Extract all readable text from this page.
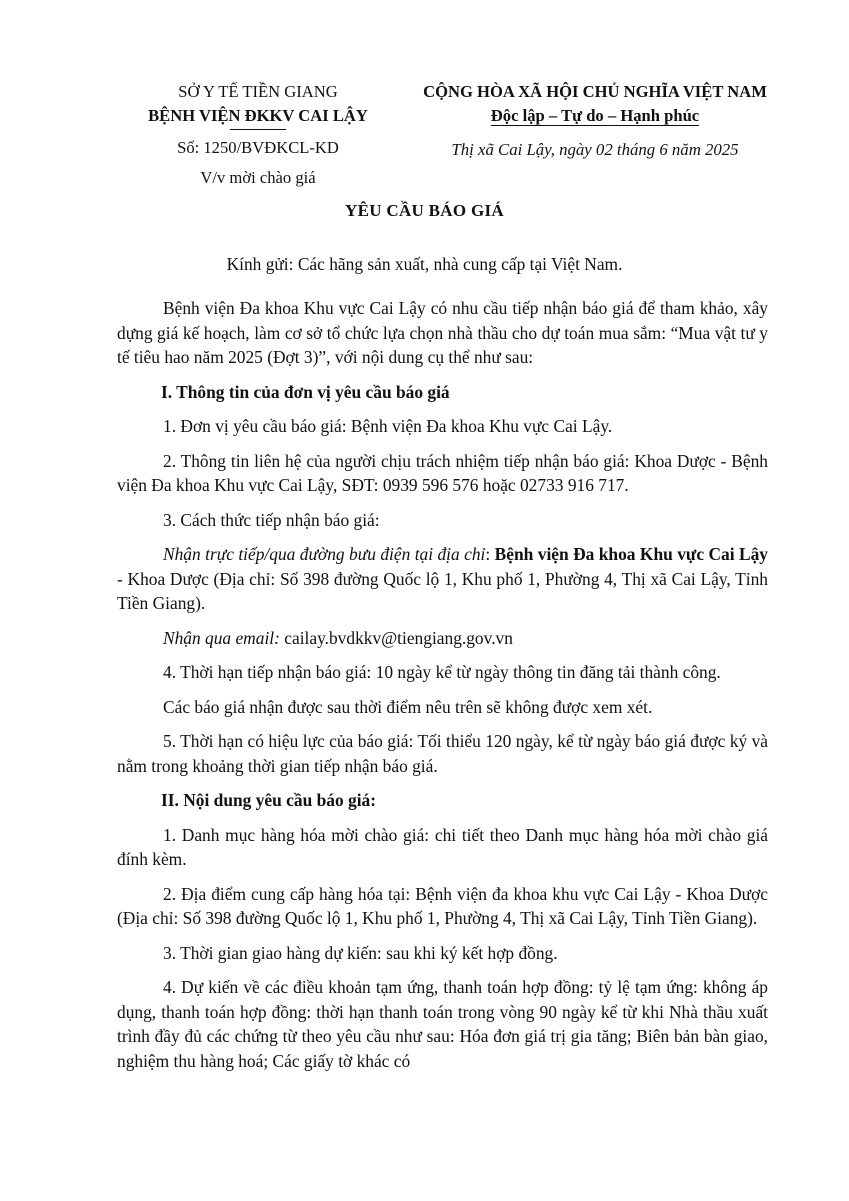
SỞ Y TẾ TIỀN GIANG
BỆNH VIỆN ĐKKV CAI LẬY
Số: 1250/BVĐKCL-KD
V/v mời chào giá
CỘNG HÒA XÃ HỘI CHỦ NGHĨA VIỆT NAM
Độc lập – Tự do – Hạnh phúc
Thị xã Cai Lậy, ngày 02 tháng 6 năm 2025
YÊU CẦU BÁO GIÁ
Kính gửi: Các hãng sản xuất, nhà cung cấp tại Việt Nam.

Bệnh viện Đa khoa Khu vực Cai Lậy có nhu cầu tiếp nhận báo giá để tham khảo, xây dựng giá kế hoạch, làm cơ sở tổ chức lựa chọn nhà thầu cho dự toán mua sắm: “Mua vật tư y tế tiêu hao năm 2025 (Đợt 3)”, với nội dung cụ thể như sau:

I. Thông tin của đơn vị yêu cầu báo giá

1. Đơn vị yêu cầu báo giá: Bệnh viện Đa khoa Khu vực Cai Lậy.

2. Thông tin liên hệ của người chịu trách nhiệm tiếp nhận báo giá: Khoa Dược - Bệnh viện Đa khoa Khu vực Cai Lậy, SĐT: 0939 596 576 hoặc 02733 916 717.

3. Cách thức tiếp nhận báo giá:

Nhận trực tiếp/qua đường bưu điện tại địa chỉ: Bệnh viện Đa khoa Khu vực Cai Lậy - Khoa Dược (Địa chỉ: Số 398 đường Quốc lộ 1, Khu phố 1, Phường 4, Thị xã Cai Lậy, Tỉnh Tiền Giang).

Nhận qua email: cailay.bvdkkv@tiengiang.gov.vn

4. Thời hạn tiếp nhận báo giá: 10 ngày kể từ ngày thông tin đăng tải thành công.

Các báo giá nhận được sau thời điểm nêu trên sẽ không được xem xét.

5. Thời hạn có hiệu lực của báo giá: Tối thiểu 120 ngày, kể từ ngày báo giá được ký và nằm trong khoảng thời gian tiếp nhận báo giá.

II. Nội dung yêu cầu báo giá:

1. Danh mục hàng hóa mời chào giá: chi tiết theo Danh mục hàng hóa mời chào giá đính kèm.

2. Địa điểm cung cấp hàng hóa tại: Bệnh viện đa khoa khu vực Cai Lậy - Khoa Dược (Địa chỉ: Số 398 đường Quốc lộ 1, Khu phố 1, Phường 4, Thị xã Cai Lậy, Tỉnh Tiền Giang).

3. Thời gian giao hàng dự kiến: sau khi ký kết hợp đồng.

4. Dự kiến về các điều khoản tạm ứng, thanh toán hợp đồng: tỷ lệ tạm ứng: không áp dụng, thanh toán hợp đồng: thời hạn thanh toán trong vòng 90 ngày kể từ khi Nhà thầu xuất trình đầy đủ các chứng từ theo yêu cầu như sau: Hóa đơn giá trị gia tăng; Biên bản bàn giao, nghiệm thu hàng hoá; Các giấy tờ khác có
